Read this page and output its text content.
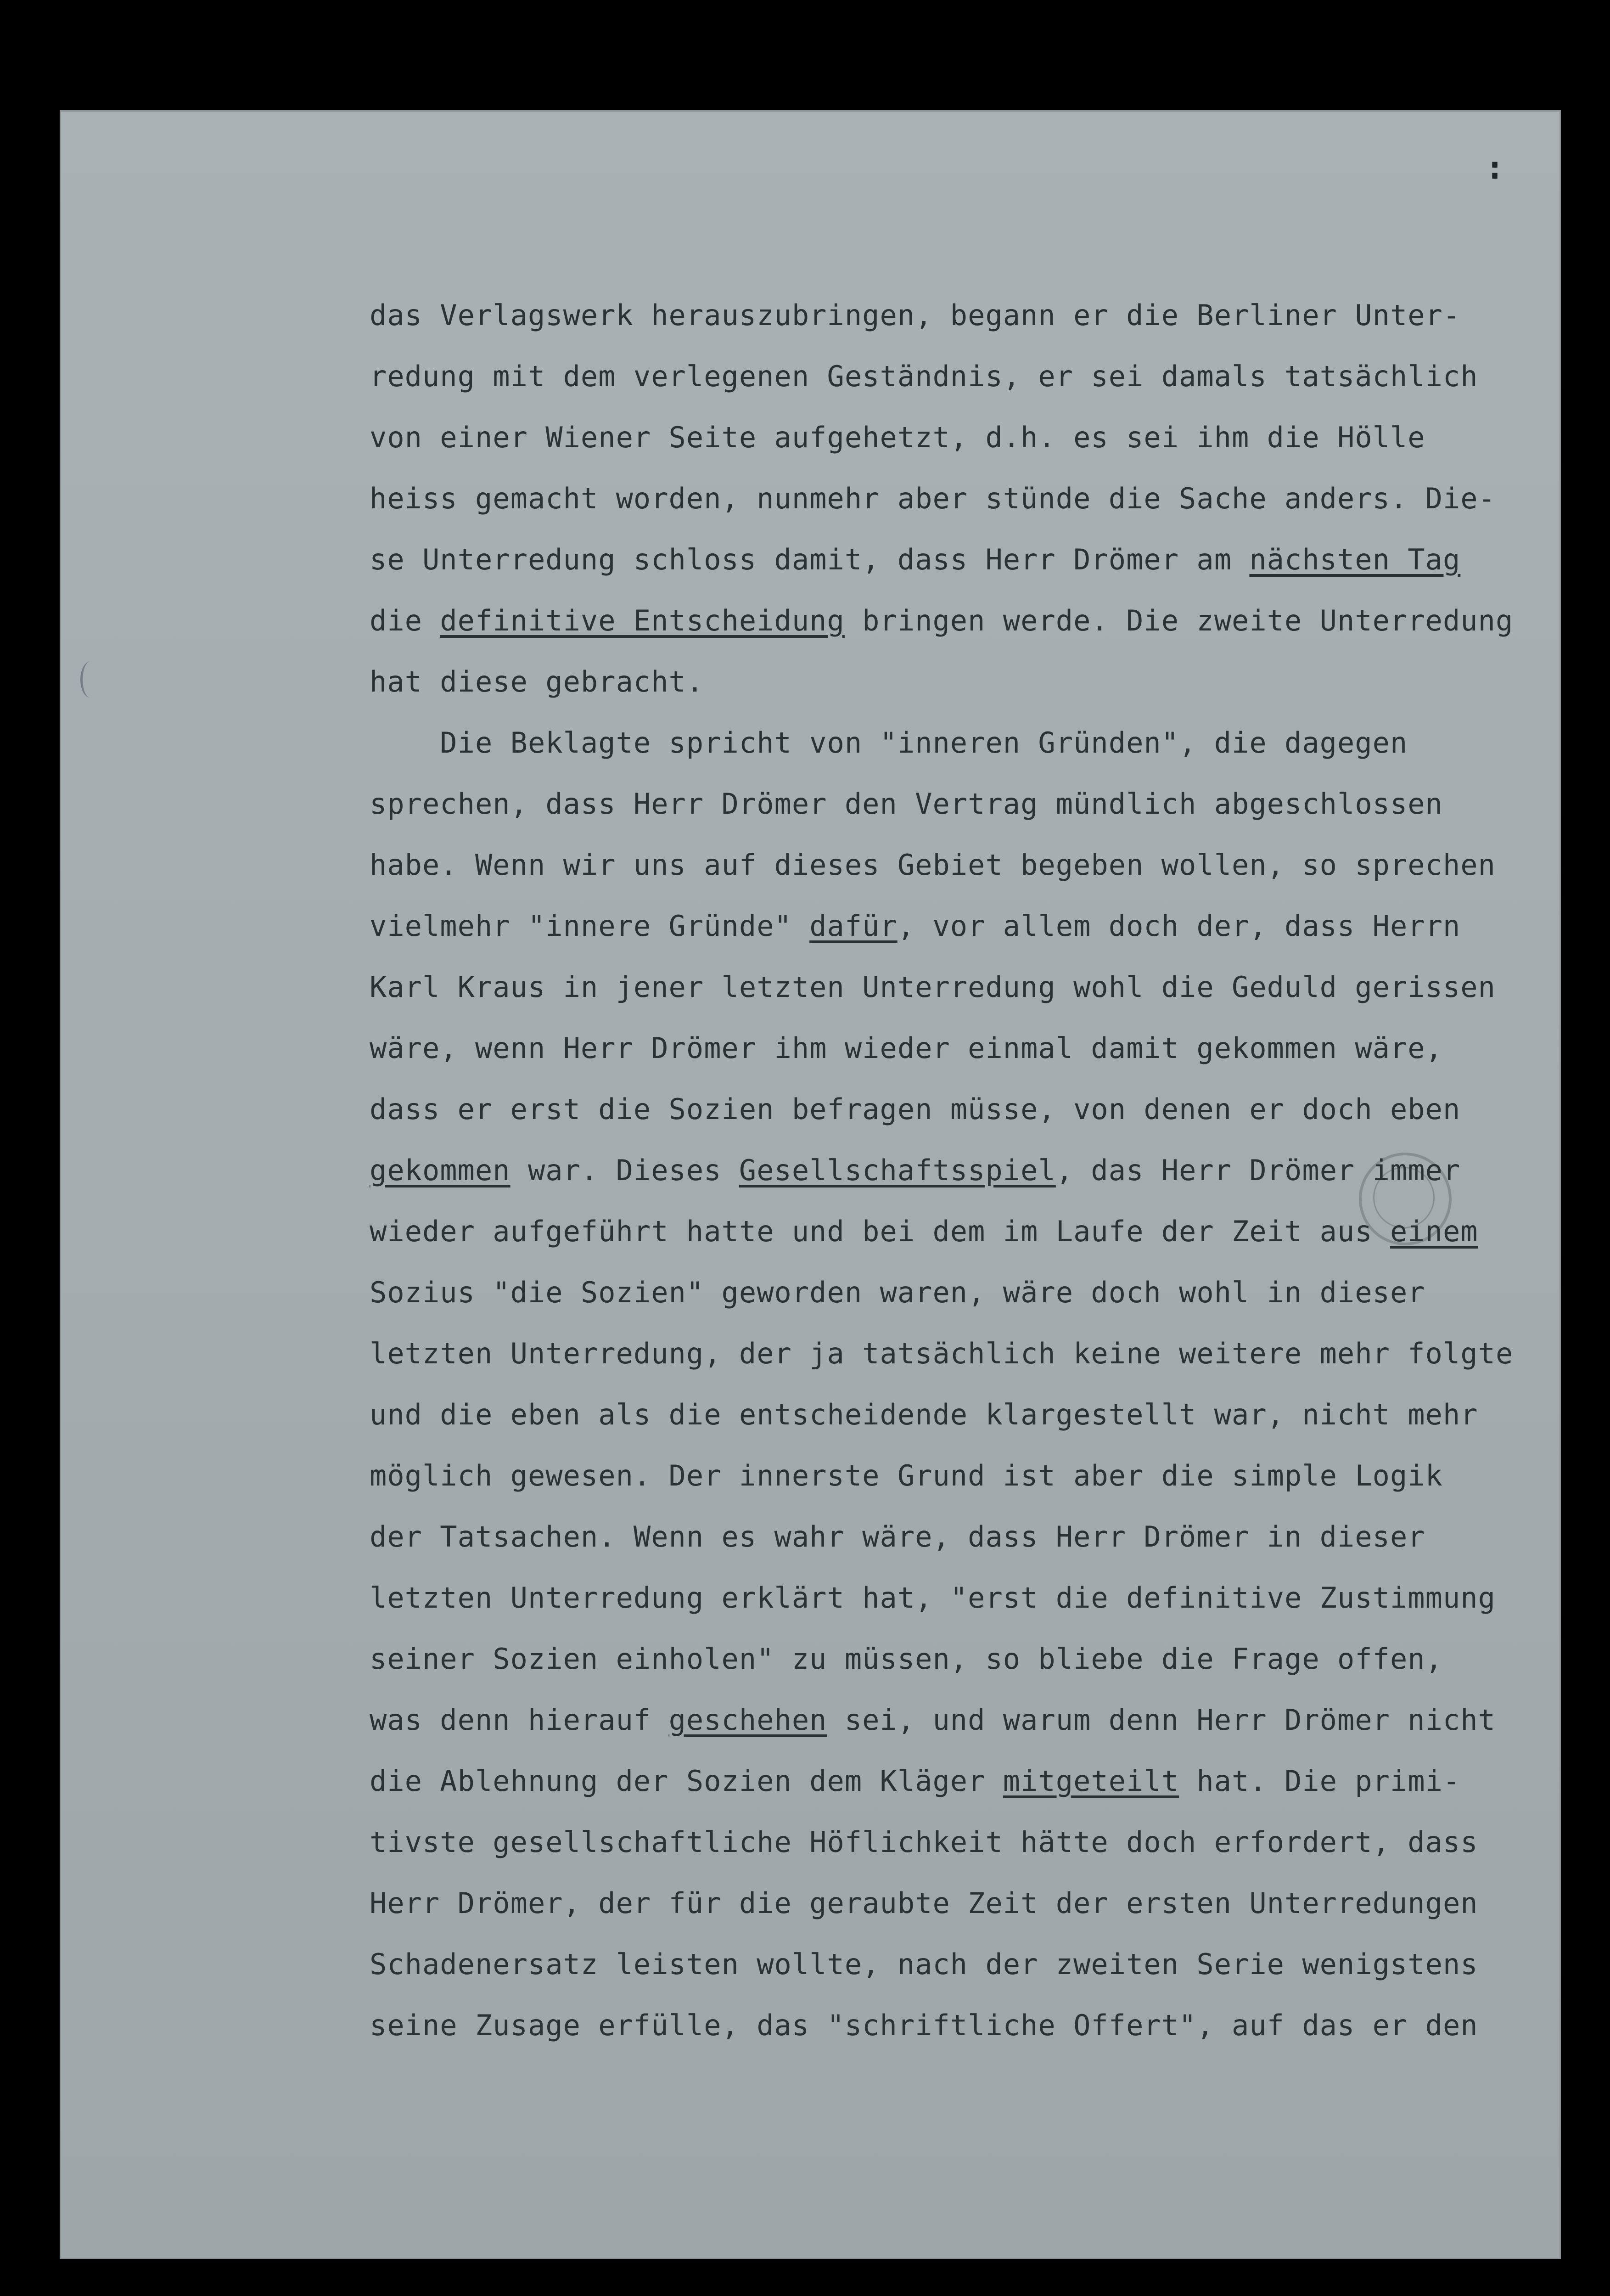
:
das Verlagswerk herauszubringen, begann er die Berliner Unter-
redung mit dem verlegenen Geständnis, er sei damals tatsächlich
von einer Wiener Seite aufgehetzt, d.h. es sei ihm die Hölle
heiss gemacht worden, nunmehr aber stünde die Sache anders. Die-
se Unterredung schloss damit, dass Herr Drömer am nächsten Tag
die definitive Entscheidung bringen werde. Die zweite Unterredung
hat diese gebracht.
Die Beklagte spricht von "inneren Gründen", die dagegen
sprechen, dass Herr Drömer den Vertrag mündlich abgeschlossen
habe. Wenn wir uns auf dieses Gebiet begeben wollen, so sprechen
vielmehr "innere Gründe" dafür, vor allem doch der, dass Herrn
Karl Kraus in jener letzten Unterredung wohl die Geduld gerissen
wäre, wenn Herr Drömer ihm wieder einmal damit gekommen wäre,
dass er erst die Sozien befragen müsse, von denen er doch eben
gekommen war. Dieses Gesellschaftsspiel, das Herr Drömer immer
wieder aufgeführt hatte und bei dem im Laufe der Zeit aus einem
Sozius "die Sozien" geworden waren, wäre doch wohl in dieser
letzten Unterredung, der ja tatsächlich keine weitere mehr folgte
und die eben als die entscheidende klargestellt war, nicht mehr
möglich gewesen. Der innerste Grund ist aber die simple Logik
der Tatsachen. Wenn es wahr wäre, dass Herr Drömer in dieser
letzten Unterredung erklärt hat, "erst die definitive Zustimmung
seiner Sozien einholen" zu müssen, so bliebe die Frage offen,
was denn hierauf geschehen sei, und warum denn Herr Drömer nicht
die Ablehnung der Sozien dem Kläger mitgeteilt hat. Die primi-
tivste gesellschaftliche Höflichkeit hätte doch erfordert, dass
Herr Drömer, der für die geraubte Zeit der ersten Unterredungen
Schadenersatz leisten wollte, nach der zweiten Serie wenigstens
seine Zusage erfülle, das "schriftliche Offert", auf das er den
